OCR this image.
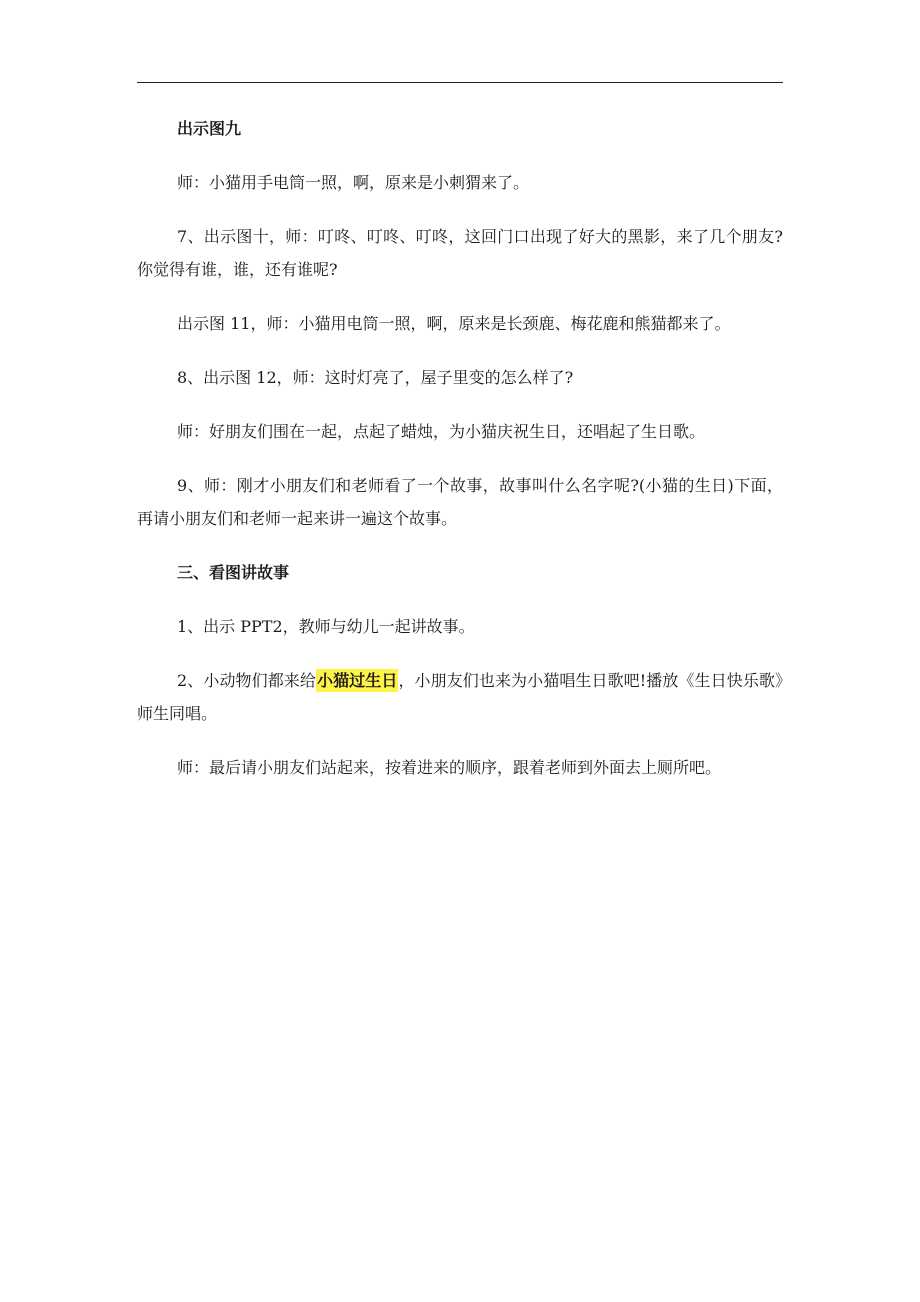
出示图九

师：小猫用手电筒一照，啊，原来是小刺猬来了。

7、出示图十，师：叮咚、叮咚、叮咚，这回门口出现了好大的黑影，来了几个朋友?你觉得有谁，谁，还有谁呢?

出示图 11，师：小猫用电筒一照，啊，原来是长颈鹿、梅花鹿和熊猫都来了。

8、出示图 12，师：这时灯亮了，屋子里变的怎么样了?

师：好朋友们围在一起，点起了蜡烛，为小猫庆祝生日，还唱起了生日歌。

9、师：刚才小朋友们和老师看了一个故事，故事叫什么名字呢?(小猫的生日)下面，再请小朋友们和老师一起来讲一遍这个故事。

三、看图讲故事

1、出示 PPT2，教师与幼儿一起讲故事。

2、小动物们都来给小猫过生日，小朋友们也来为小猫唱生日歌吧!播放《生日快乐歌》师生同唱。

师：最后请小朋友们站起来，按着进来的顺序，跟着老师到外面去上厕所吧。
